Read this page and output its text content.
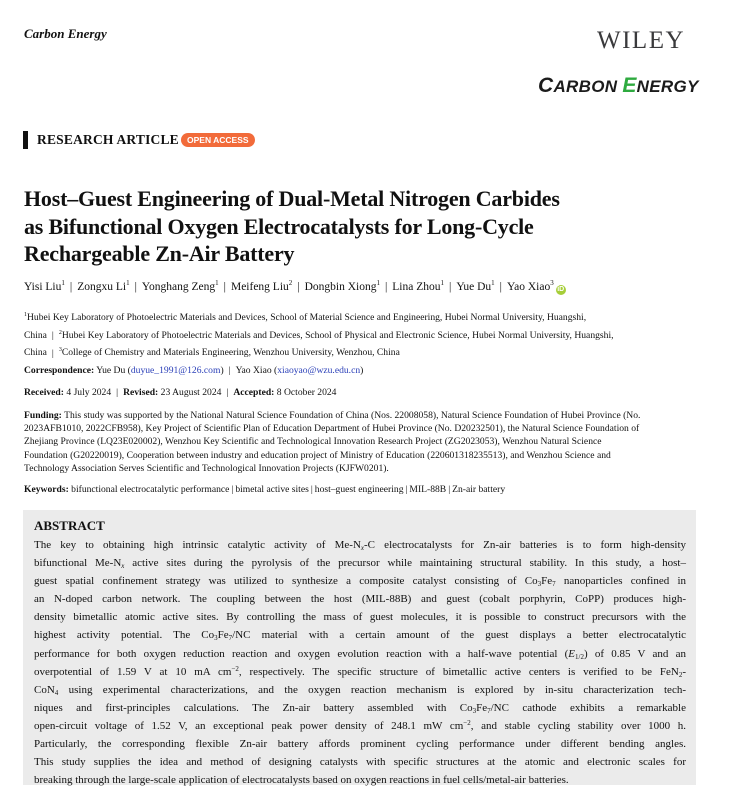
Carbon Energy	WILEY
CARBON ENERGY
RESEARCH ARTICLE OPEN ACCESS
Host–Guest Engineering of Dual-Metal Nitrogen Carbides
as Bifunctional Oxygen Electrocatalysts for Long-Cycle
Rechargeable Zn-Air Battery
Yisi Liu$^1$ | Zongxu Li$^1$ | Yonghang Zeng$^1$ | Meifeng Liu$^2$ | Dongbin Xiong$^1$ | Lina Zhou$^1$ | Yue Du$^1$ | Yao Xiao$^3$iD
$^1$Hubei Key Laboratory of Photoelectric Materials and Devices, School of Material Science and Engineering, Hubei Normal University, Huangshi,
China | $^2$Hubei Key Laboratory of Photoelectric Materials and Devices, School of Physical and Electronic Science, Hubei Normal University, Huangshi,
China | $^3$College of Chemistry and Materials Engineering, Wenzhou University, Wenzhou, China
Correspondence: Yue Du (duyue_1991@126.com) | Yao Xiao (xiaoyao@wzu.edu.cn)
Received: 4 July 2024 | Revised: 23 August 2024 | Accepted: 8 October 2024
Funding: This study was supported by the National Natural Science Foundation of China (Nos. 22008058), Natural Science Foundation of Hubei Province (No.
2023AFB1010, 2022CFB958), Key Project of Scientific Plan of Education Department of Hubei Province (No. D20232501), the Natural Science Foundation of
Zhejiang Province (LQ23E020002), Wenzhou Key Scientific and Technological Innovation Research Project (ZG2023053), Wenzhou Natural Science
Foundation (G20220019), Cooperation between industry and education project of Ministry of Education (220601318235513), and Wenzhou Science and
Technology Association Serves Scientific and Technological Innovation Projects (KJFW0201).
Keywords: bifunctional electrocatalytic performance | bimetal active sites | host–guest engineering | MIL-88B | Zn-air battery
ABSTRACT
The key to obtaining high intrinsic catalytic activity of $Me-N_x-C$ electrocatalysts for Zn-air batteries is to form high-density
bifunctional $Me-N_x$ active sites during the pyrolysis of the precursor while maintaining structural stability. In this study, a host–
guest spatial confinement strategy was utilized to synthesize a composite catalyst consisting of $Co_3Fe_7$ nanoparticles confined in
an N-doped carbon network. The coupling between the host (MIL-88B) and guest (cobalt porphyrin, CoPP) produces high-
density bimetallic atomic active sites. By controlling the mass of guest molecules, it is possible to construct precursors with the
highest activity potential. The $Co_3Fe_7/NC$ material with a certain amount of the guest displays a better electrocatalytic
performance for both oxygen reduction reaction and oxygen evolution reaction with a half-wave potential $(E_{1/2})$ of 0.85 V and an
overpotential of 1.59 V at 10 mA $cm^{-2}$, respectively. The specific structure of bimetallic active centers is verified to be FeN$_2$-
CoN$_4$ using experimental characterizations, and the oxygen reaction mechanism is explored by in-situ characterization tech-
niques and first-principles calculations. The Zn-air battery assembled with $Co_3Fe_7/NC$ cathode exhibits a remarkable
open-circuit voltage of 1.52 V, an exceptional peak power density of 248.1 mW $cm^{-2}$, and stable cycling stability over 1000 h.
Particularly, the corresponding flexible Zn-air battery affords prominent cycling performance under different bending angles.
This study supplies the idea and method of designing catalysts with specific structures at the atomic and electronic scales for
breaking through the large-scale application of electrocatalysts based on oxygen reactions in fuel cells/metal-air batteries.
